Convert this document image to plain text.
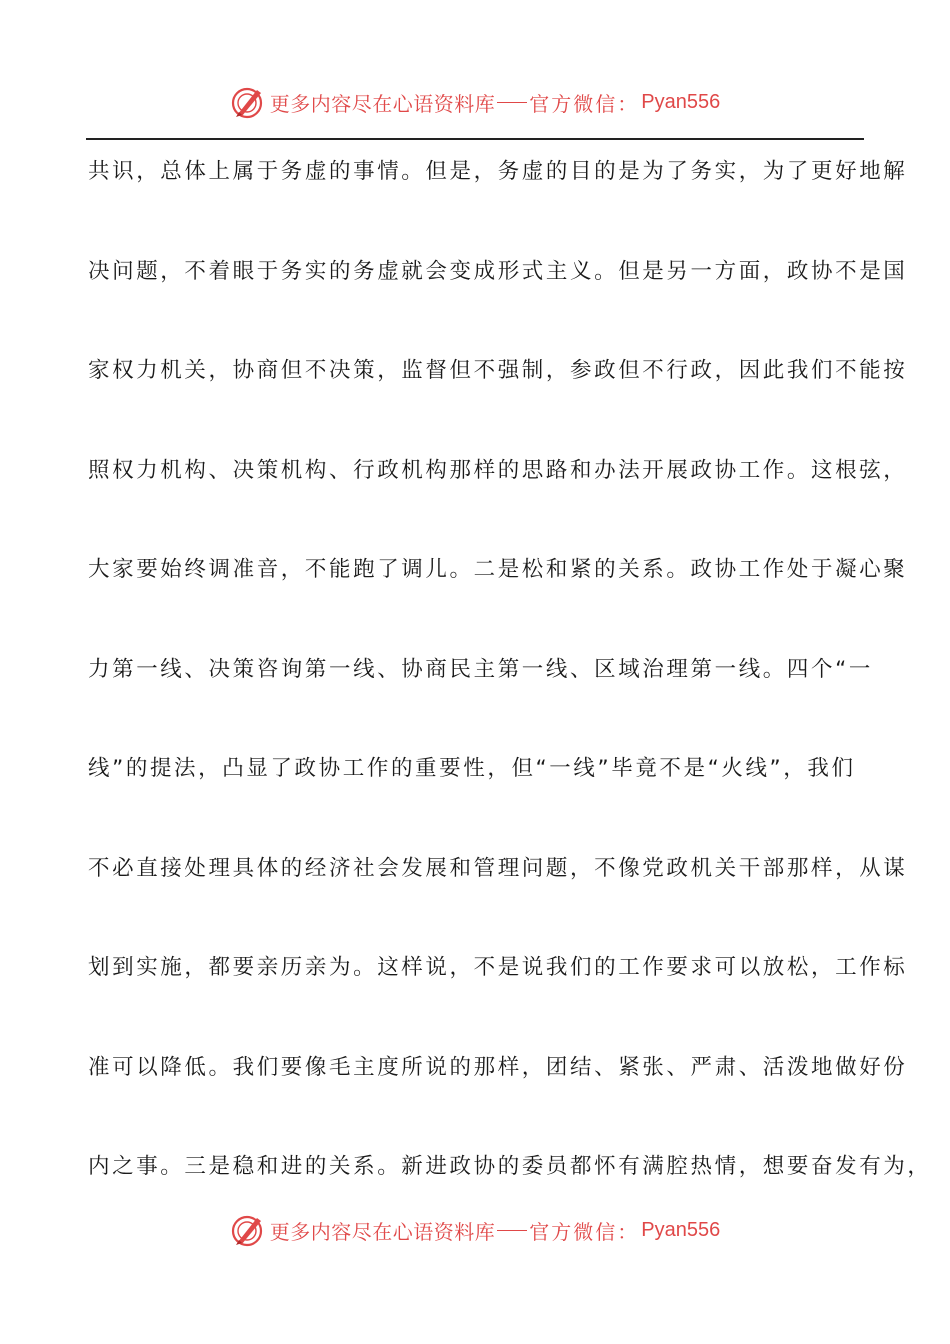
更多内容尽在心语资料库 官方微信： Pyan556
共识，总体上属于务虚的事情。但是，务虚的目的是为了务实，为了更好地解
决问题，不着眼于务实的务虚就会变成形式主义。但是另一方面，政协不是国
家权力机关，协商但不决策，监督但不强制，参政但不行政，因此我们不能按
照权力机构、决策机构、行政机构那样的思路和办法开展政协工作。这根弦，
大家要始终调准音，不能跑了调儿。二是松和紧的关系。政协工作处于凝心聚
力第一线、决策咨询第一线、协商民主第一线、区域治理第一线。四个“一
线”的提法，凸显了政协工作的重要性，但“一线”毕竟不是“火线”，我们
不必直接处理具体的经济社会发展和管理问题，不像党政机关干部那样，从谋
划到实施，都要亲历亲为。这样说，不是说我们的工作要求可以放松，工作标
准可以降低。我们要像毛主度所说的那样，团结、紧张、严肃、活泼地做好份
内之事。三是稳和进的关系。新进政协的委员都怀有满腔热情，想要奋发有为，
更多内容尽在心语资料库 官方微信： Pyan556
